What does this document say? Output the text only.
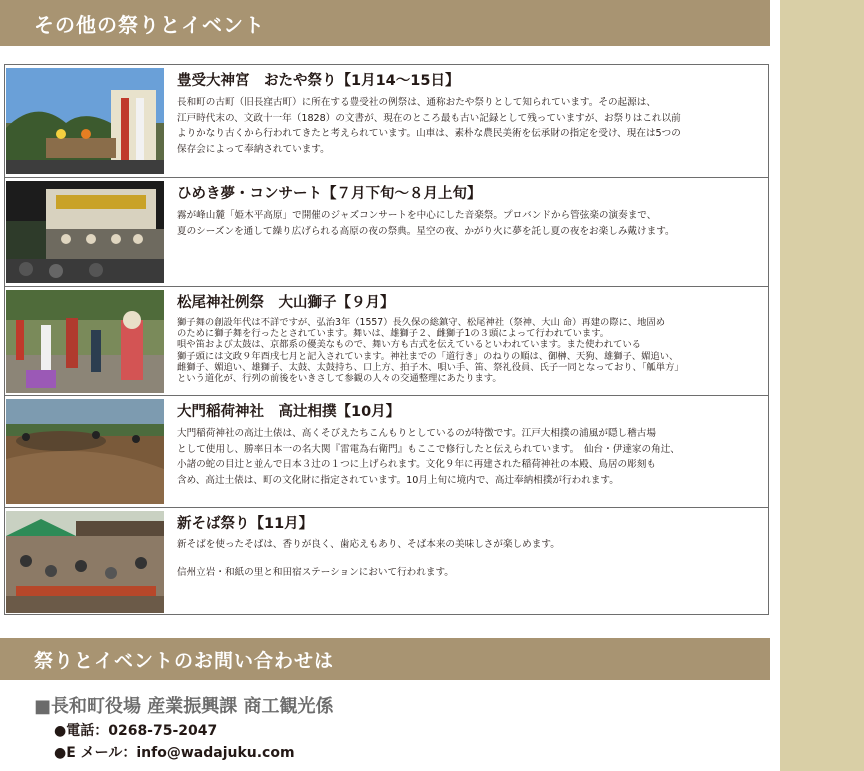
その他の祭りとイベント
豊受大神宮　おたや祭り【1月14〜15日】
長和町の古町（旧長窪古町）に所在する豊受社の例祭は、通称おたや祭りとして知られています。その起源は、
江戸時代末の、文政十一年（1828）の文書が、現在のところ最も古い記録として残っていますが、お祭りはこれ以前
よりかなり古くから行われてきたと考えられています。山車は、素朴な農民美術を伝承財の指定を受け、現在は5つの
保存会によって奉納されています。
ひめき夢・コンサート【７月下旬〜８月上旬】
霧が峰山麓「姫木平高原」で開催のジャズコンサートを中心にした音楽祭。プロバンドから管弦楽の演奏まで、
夏のシーズンを通して繰り広げられる高原の夜の祭典。星空の夜、かがり火に夢を託し夏の夜をお楽しみ戴けます。
松尾神社例祭　大山獅子【９月】
獅子舞の創設年代は不詳ですが、弘治3年（1557）長久保の総鎮守、松尾神社（祭神、大山 命）再建の際に、地固め
のために獅子舞を行ったとされています。舞いは、雄獅子２、雌獅子1の３頭によって行われています。
唄や笛および太鼓は、京都系の優美なもので、舞い方も古式を伝えているといわれています。また使われている
獅子頭には文政９年酉戌七月と記入されています。神社までの「道行き」のねりの順は、御榊、天狗、雄獅子、媚追い、
雌獅子、媚追い、雄獅子、太鼓、太鼓持ち、口上方、拍子木、唄い手、笛、祭礼役員、氏子一同となっており、「觚単方」
という道化が、行列の前後をいきさして参観の人々の交通整理にあたります。
大門稲荷神社　高辻相撲【10月】
大門稲荷神社の高辻土俵は、高くそびえたちこんもりとしているのが特徴です。江戸大相撲の浦風が隠し稽古場
として使用し、勝率日本一の名大関『雷電為右衛門』もここで修行したと伝えられています。　仙台・伊達家の角辻、
小諸の蛇の目辻と並んで日本３辻の１つに上げられます。文化９年に再建された稲荷神社の本殿、鳥居の彫刻も
含め、高辻土俵は、町の文化財に指定されています。10月上旬に境内で、高辻奉納相撲が行われます。
新そば祭り【11月】
新そばを使ったそばは、香りが良く、歯応えもあり、そば本来の美味しさが楽しめます。

信州立岩・和紙の里と和田宿ステーションにおいて行われます。
祭りとイベントのお問い合わせは
■長和町役場 産業振興課 商工観光係
●電話：0268-75-2047
●E メール：info@wadajuku.com
